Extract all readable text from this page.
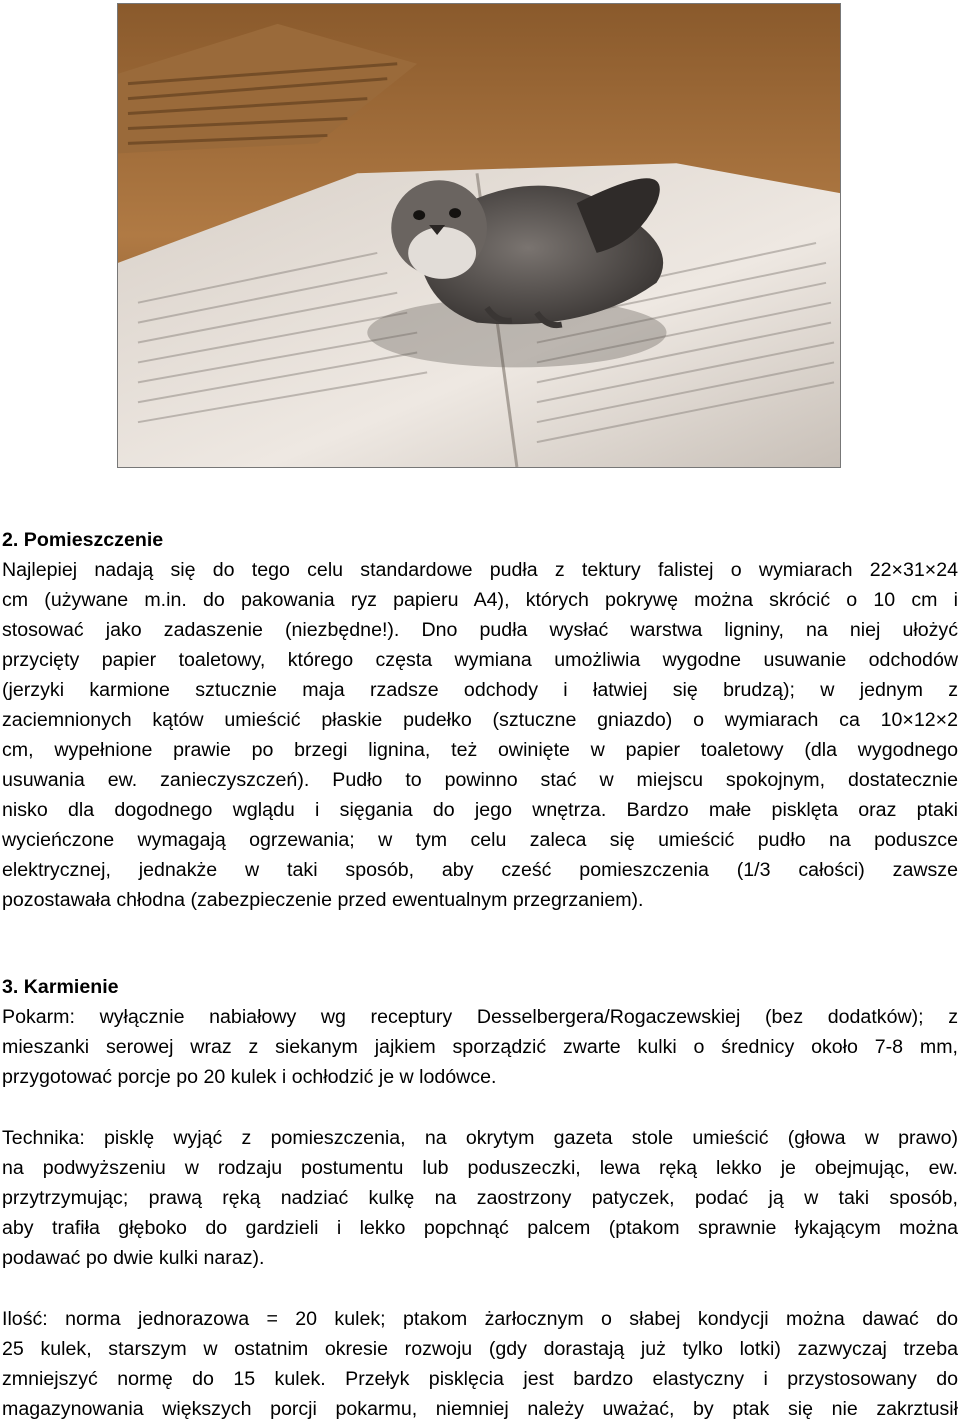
2. Pomieszczenie
Najlepiej nadają się do tego celu standardowe pudła z tektury falistej o wymiarach 22×31×24
cm (używane m.in. do pakowania ryz papieru A4), których pokrywę można skrócić o 10 cm i
stosować jako zadaszenie (niezbędne!). Dno pudła wysłać warstwa ligniny, na niej ułożyć
przycięty papier toaletowy, którego częsta wymiana umożliwia wygodne usuwanie odchodów
(jerzyki karmione sztucznie maja rzadsze odchody i łatwiej się brudzą); w jednym z
zaciemnionych kątów umieścić płaskie pudełko (sztuczne gniazdo) o wymiarach ca 10×12×2
cm, wypełnione prawie po brzegi lignina, też owinięte w papier toaletowy (dla wygodnego
usuwania ew. zanieczyszczeń). Pudło to powinno stać w miejscu spokojnym, dostatecznie
nisko dla dogodnego wglądu i sięgania do jego wnętrza. Bardzo małe pisklęta oraz ptaki
wycieńczone wymagają ogrzewania; w tym celu zaleca się umieścić pudło na poduszce
elektrycznej, jednakże w taki sposób, aby cześć pomieszczenia (1/3 całości) zawsze
pozostawała chłodna (zabezpieczenie przed ewentualnym przegrzaniem).
3. Karmienie
Pokarm: wyłącznie nabiałowy wg receptury Desselbergera/Rogaczewskiej (bez dodatków); z
mieszanki serowej wraz z siekanym jajkiem sporządzić zwarte kulki o średnicy około 7-8 mm,
przygotować porcje po 20 kulek i ochłodzić je w lodówce.
Technika: pisklę wyjąć z pomieszczenia, na okrytym gazeta stole umieścić (głowa w prawo)
na podwyższeniu w rodzaju postumentu lub poduszeczki, lewa ręką lekko je obejmując, ew.
przytrzymując; prawą ręką nadziać kulkę na zaostrzony patyczek, podać ją w taki sposób,
aby trafiła głęboko do gardzieli i lekko popchnąć palcem (ptakom sprawnie łykającym można
podawać po dwie kulki naraz).
Ilość: norma jednorazowa = 20 kulek; ptakom żarłocznym o słabej kondycji można dawać do
25 kulek, starszym w ostatnim okresie rozwoju (gdy dorastają już tylko lotki) zazwyczaj trzeba
zmniejszyć normę do 15 kulek. Przełyk pisklęcia jest bardzo elastyczny i przystosowany do
magazynowania większych porcji pokarmu, niemniej należy uważać, by ptak się nie zakrztusił
